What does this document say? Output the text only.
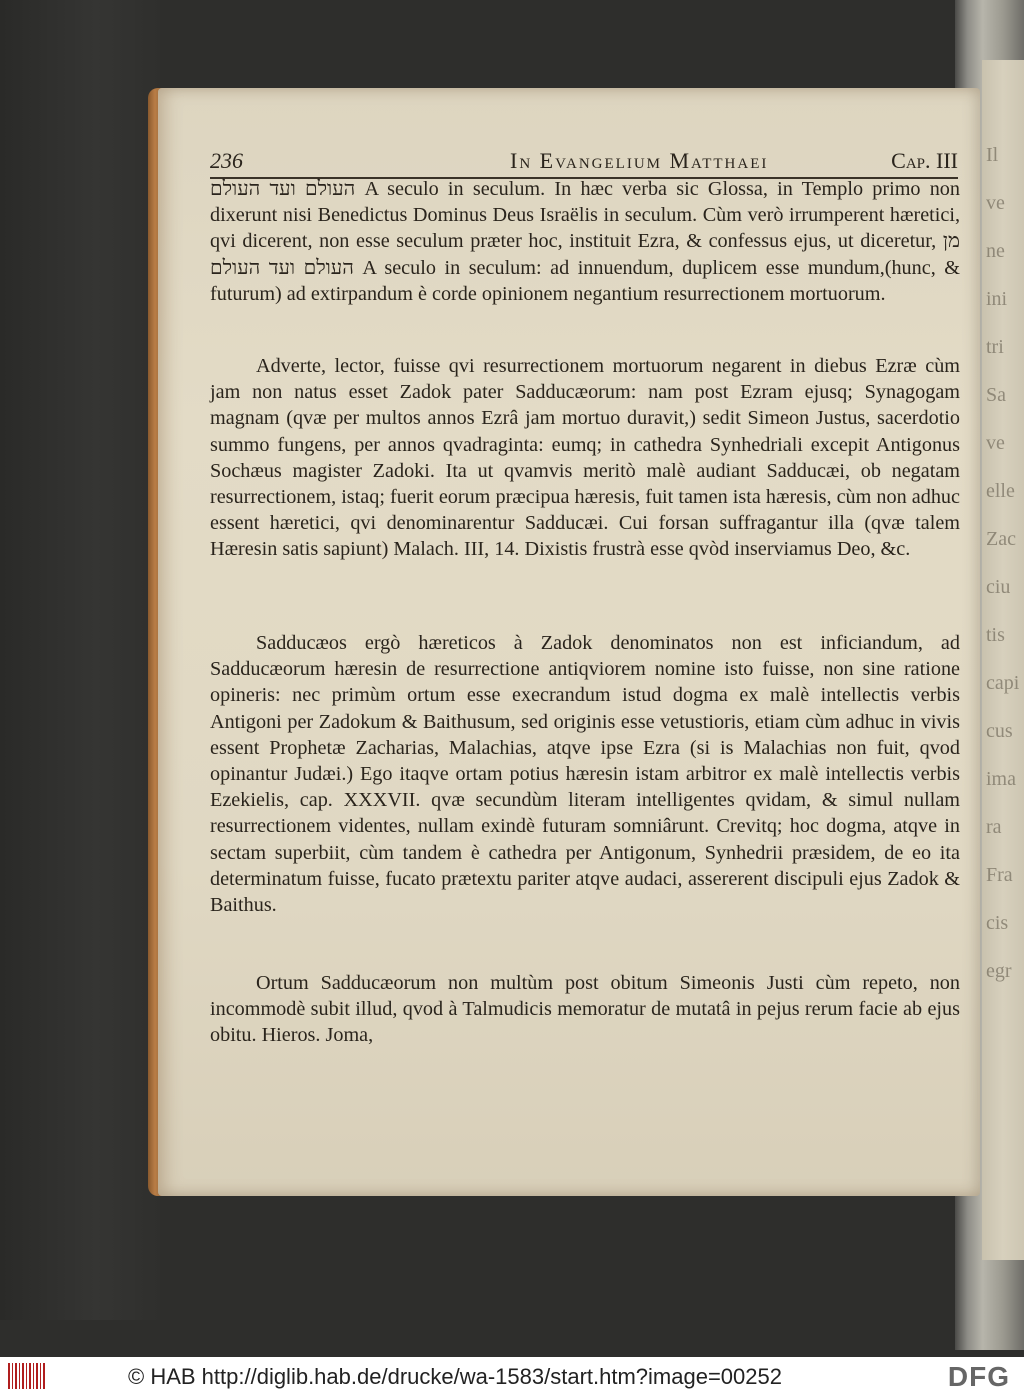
Il
ve
ne
ini
tri
Sa
ve
elle
Zac
ciu
tis
capi
cus
ima
ra
Fra
cis
egr
236	In Evangelium Matthaei	Cap. III

העולם ועד העולם A seculo in seculum. In hæc verba sic Glossa, in Templo primo non dixerunt nisi Benedictus Dominus Deus Israëlis in seculum. Cùm verò irrumperent hæretici, qvi dicerent, non esse seculum præter hoc, instituit Ezra, & confessus ejus, ut diceretur, מן העולם ועד העולם A seculo in seculum: ad innuendum, duplicem esse mundum,(hunc, & futurum) ad extirpandum è corde opinionem negantium resurrectionem mortuorum.

Adverte, lector, fuisse qvi resurrectionem mortuorum negarent in diebus Ezræ cùm jam non natus esset Zadok pater Sadducæorum: nam post Ezram ejusq; Synagogam magnam (qvæ per multos annos Ezrâ jam mortuo duravit,) sedit Simeon Justus, sacerdotio summo fungens, per annos qvadraginta: eumq; in cathedra Synhedriali excepit Antigonus Sochæus magister Zadoki. Ita ut qvamvis meritò malè audiant Sadducæi, ob negatam resurrectionem, istaq; fuerit eorum præcipua hæresis, fuit tamen ista hæresis, cùm non adhuc essent hæretici, qvi denominarentur Sadducæi. Cui forsan suffragantur illa (qvæ talem Hæresin satis sapiunt) Malach. III, 14. Dixistis frustrà esse qvòd inserviamus Deo, &c.

Sadducæos ergò hæreticos à Zadok denominatos non est inficiandum, ad Sadducæorum hæresin de resurrectione antiqviorem nomine isto fuisse, non sine ratione opineris: nec primùm ortum esse execrandum istud dogma ex malè intellectis verbis Antigoni per Zadokum & Baithusum, sed originis esse vetustioris, etiam cùm adhuc in vivis essent Prophetæ Zacharias, Malachias, atqve ipse Ezra (si is Malachias non fuit, qvod opinantur Judæi.) Ego itaqve ortam potius hæresin istam arbitror ex malè intellectis verbis Ezekielis, cap. XXXVII. qvæ secundùm literam intelligentes qvidam, & simul nullam resurrectionem videntes, nullam exindè futuram somniârunt. Crevitq; hoc dogma, atqve in sectam superbiit, cùm tandem è cathedra per Antigonum, Synhedrii præsidem, de eo ita determinatum fuisse, fucato prætextu pariter atqve audaci, assererent discipuli ejus Zadok & Baithus.

Ortum Sadducæorum non multùm post obitum Simeonis Justi cùm repeto, non incommodè subit illud, qvod à Talmudicis memoratur de mutatâ in pejus rerum facie ab ejus obitu. Hieros. Joma,

© HAB http://diglib.hab.de/drucke/wa-1583/start.htm?image=00252	DFG
